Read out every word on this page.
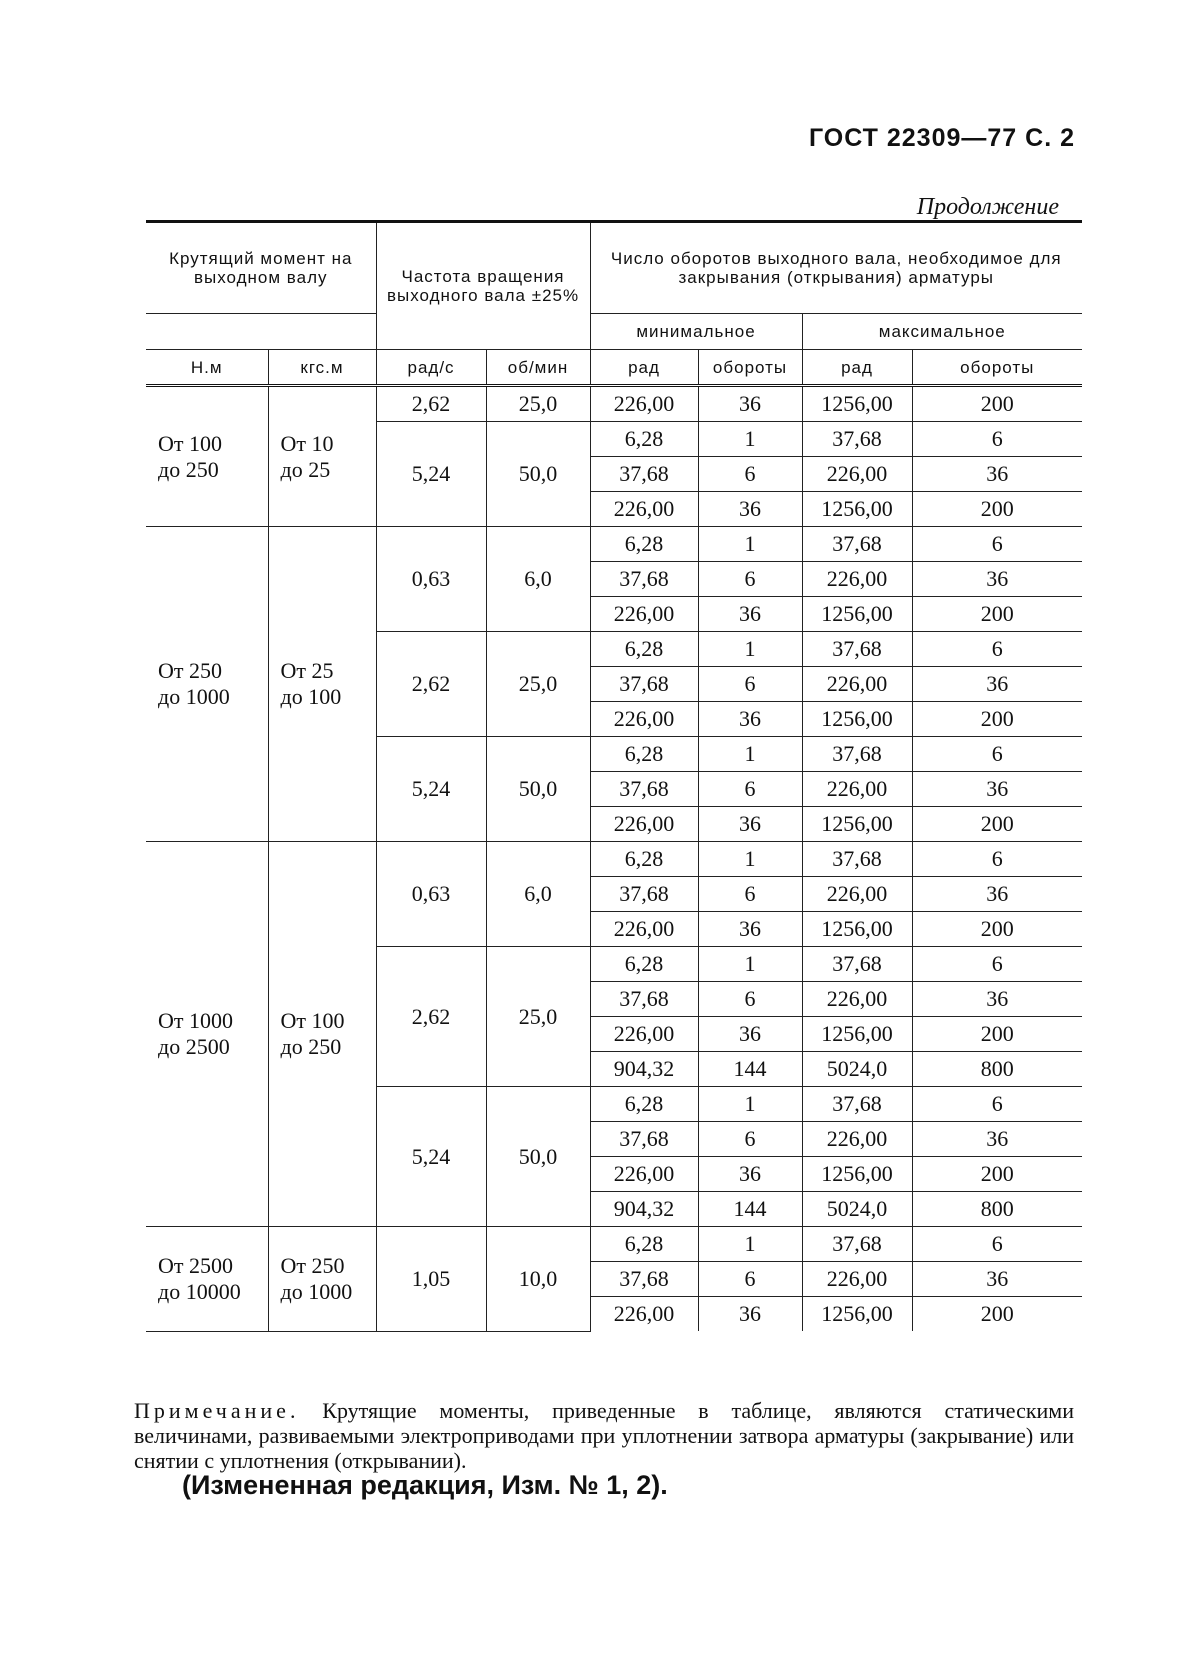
ГОСТ 22309—77 С. 2
Продолжение
Крутящий момент на выходном валу		Частота вращения выходного вала ±25%		Число оборотов выходного вала, необходимое для закрывания (открывания) арматуры			
				минимальное		максимальное	
Н.м	кгс.м	рад/с	об/мин	рад	обороты	рад	обороты

От 100
до 250	От 10
до 25	2,62	25,0	226,00	36	1256,00	200
		5,24	50,0	6,28	1	37,68	6
				37,68	6	226,00	36
				226,00	36	1256,00	200

От 250
до 1000	От 25
до 100	0,63	6,0	6,28	1	37,68	6
				37,68	6	226,00	36
				226,00	36	1256,00	200
		2,62	25,0	6,28	1	37,68	6
				37,68	6	226,00	36
				226,00	36	1256,00	200
		5,24	50,0	6,28	1	37,68	6
				37,68	6	226,00	36
				226,00	36	1256,00	200

От 1000
до 2500	От 100
до 250	0,63	6,0	6,28	1	37,68	6
				37,68	6	226,00	36
				226,00	36	1256,00	200
		2,62	25,0	6,28	1	37,68	6
				37,68	6	226,00	36
				226,00	36	1256,00	200
				904,32	144	5024,0	800
		5,24	50,0	6,28	1	37,68	6
				37,68	6	226,00	36
				226,00	36	1256,00	200
				904,32	144	5024,0	800

От 2500
до 10000	От 250
до 1000	1,05	10,0	6,28	1	37,68	6
				37,68	6	226,00	36
				226,00	36	1256,00	200
Примечание. Крутящие моменты, приведенные в таблице, являются статическими величинами, развиваемыми электроприводами при уплотнении затвора арматуры (закрывание) или снятии с уплотнения (открывании).
(Измененная редакция, Изм. № 1, 2).
